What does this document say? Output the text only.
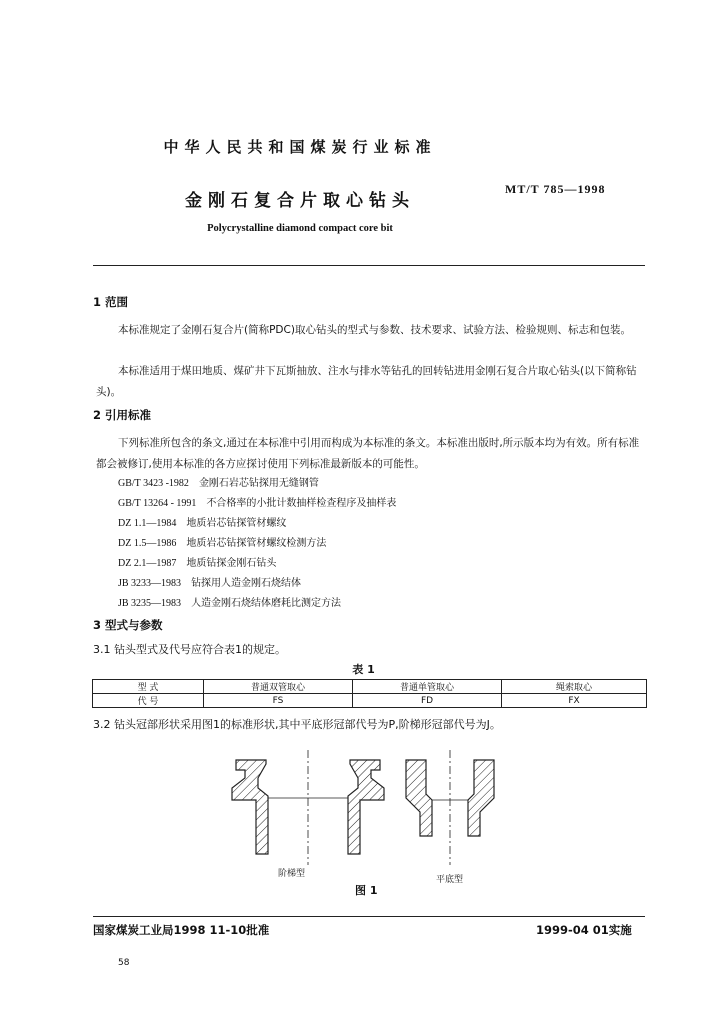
中华人民共和国煤炭行业标准
金刚石复合片取心钻头
MT/T 785—1998
Polycrystalline diamond compact core bit
1 范围
本标准规定了金刚石复合片(简称PDC)取心钻头的型式与参数、技术要求、试验方法、检验规则、标志和包装。
本标准适用于煤田地质、煤矿井下瓦斯抽放、注水与排水等钻孔的回转钻进用金刚石复合片取心钻头(以下简称钻头)。
2 引用标准
下列标准所包含的条文,通过在本标准中引用而构成为本标准的条文。本标准出版时,所示版本均为有效。所有标准都会被修订,使用本标准的各方应探讨使用下列标准最新版本的可能性。
GB/T 3423 -1982 金刚石岩芯钻探用无缝钢管
GB/T 13264 - 1991 不合格率的小批计数抽样检查程序及抽样表
DZ 1.1—1984 地质岩芯钻探管材螺纹
DZ 1.5—1986 地质岩芯钻探管材螺纹检测方法
DZ 2.1—1987 地质钻探金刚石钻头
JB 3233—1983 钻探用人造金刚石烧结体
JB 3235—1983 人造金刚石烧结体磨耗比测定方法
3 型式与参数
3.1 钻头型式及代号应符合表1的规定。
表 1
型 式	普通双管取心	普通单管取心	绳索取心
代 号	FS	FD	FX
3.2 钻头冠部形状采用图1的标准形状,其中平底形冠部代号为P,阶梯形冠部代号为J。
阶梯型
平底型
图 1
国家煤炭工业局1998 11-10批准	1999-04 01实施
58
